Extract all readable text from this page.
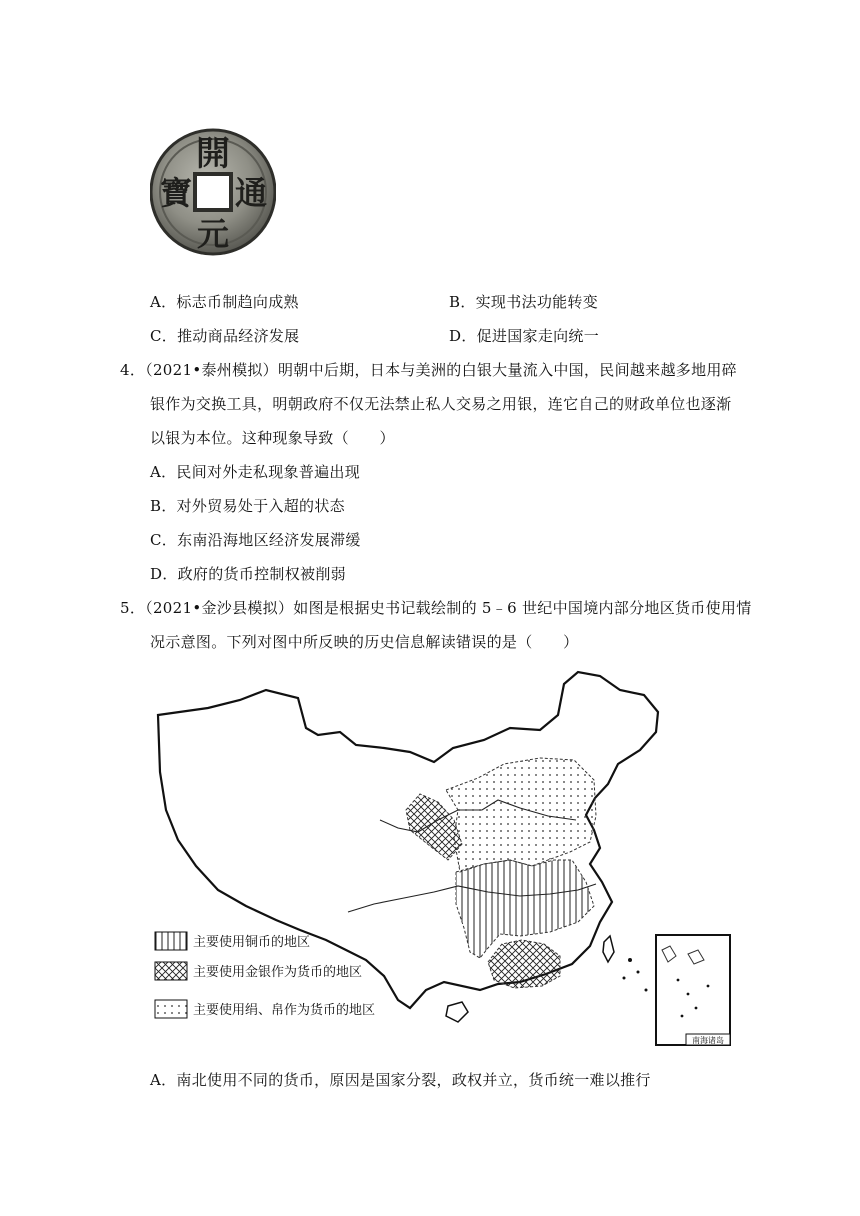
開
寶 通
元
A．标志币制趋向成熟	B．实现书法功能转变
C．推动商品经济发展	D．促进国家走向统一
4．（2021•泰州模拟）明朝中后期，日本与美洲的白银大量流入中国，民间越来越多地用碎
银作为交换工具，明朝政府不仅无法禁止私人交易之用银，连它自己的财政单位也逐渐
以银为本位。这种现象导致（　　）
A．民间对外走私现象普遍出现
B．对外贸易处于入超的状态
C．东南沿海地区经济发展滞缓
D．政府的货币控制权被削弱
5．（2021•金沙县模拟）如图是根据史书记载绘制的 5﹣6 世纪中国境内部分地区货币使用情
况示意图。下列对图中所反映的历史信息解读错误的是（　　）
主要使用铜币的地区
主要使用金银作为货币的地区
主要使用绢、帛作为货币的地区
南海诸岛
A．南北使用不同的货币，原因是国家分裂，政权并立，货币统一难以推行
